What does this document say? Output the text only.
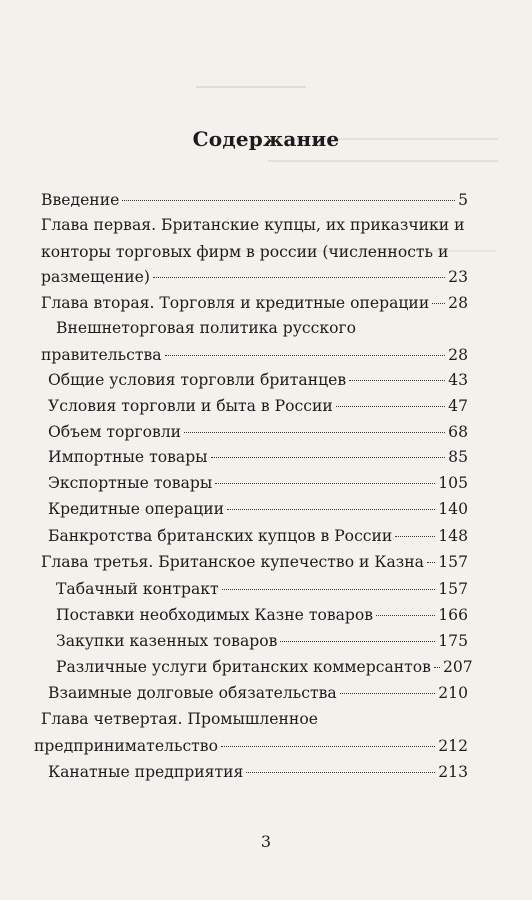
Содержание
Введение	5
Глава первая. Британские купцы, их приказчики и
конторы торговых фирм в россии (численность и
размещение)	23
Глава вторая. Торговля и кредитные операции 28
Внешнеторговая политика русского
правительства	28
Общие условия торговли британцев	43
Условия торговли и быта в России	47
Объем торговли	68
Импортные товары	85
Экспортные товары	105
Кредитные операции	140
Банкротства британских купцов в России	148
Глава третья. Британское купечество и Казна 157
Табачный контракт	157
Поставки необходимых Казне товаров	166
Закупки казенных товаров	175
Различные услуги британских коммерсантов 207
Взаимные долговые обязательства	210
Глава четвертая. Промышленное
предпринимательство	212
Канатные предприятия	213
3
